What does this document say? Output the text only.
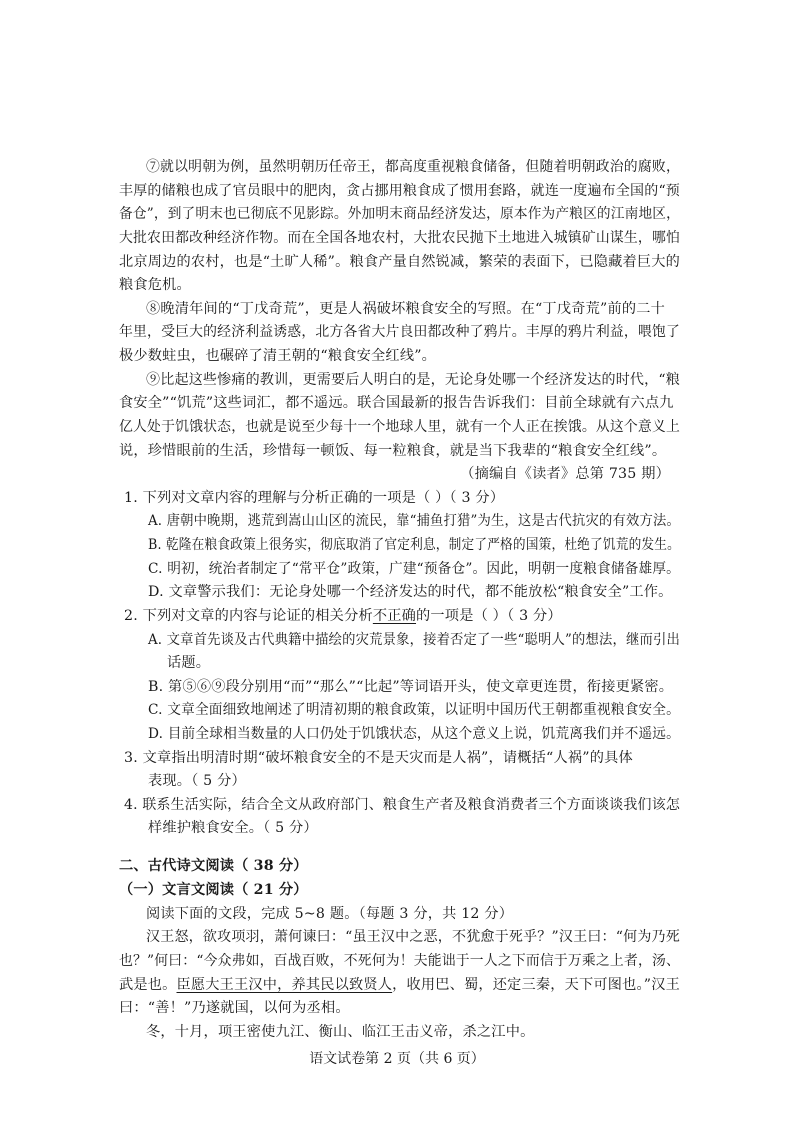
⑦就以明朝为例，虽然明朝历任帝王，都高度重视粮食储备，但随着明朝政治的腐败，
丰厚的储粮也成了官员眼中的肥肉，贪占挪用粮食成了惯用套路，就连一度遍布全国的“预
备仓”，到了明末也已彻底不见影踪。外加明末商品经济发达，原本作为产粮区的江南地区，
大批农田都改种经济作物。而在全国各地农村，大批农民抛下土地进入城镇矿山谋生，哪怕
北京周边的农村，也是“土旷人稀”。粮食产量自然锐减，繁荣的表面下，已隐藏着巨大的
粮食危机。
⑧晚清年间的“丁戊奇荒”，更是人祸破坏粮食安全的写照。在“丁戊奇荒”前的二十
年里，受巨大的经济利益诱惑，北方各省大片良田都改种了鸦片。丰厚的鸦片利益，喂饱了
极少数蛀虫，也碾碎了清王朝的“粮食安全红线”。
⑨比起这些惨痛的教训，更需要后人明白的是，无论身处哪一个经济发达的时代，“粮
食安全”“饥荒”这些词汇，都不遥远。联合国最新的报告告诉我们：目前全球就有六点九
亿人处于饥饿状态，也就是说至少每十一个地球人里，就有一个人正在挨饿。从这个意义上
说，珍惜眼前的生活，珍惜每一顿饭、每一粒粮食，就是当下我辈的“粮食安全红线”。
（摘编自《读者》总第 735 期）
1. 下列对文章内容的理解与分析正确的一项是（ ）（ 3 分）
A. 唐朝中晚期，逃荒到嵩山山区的流民，靠“捕鱼打猎”为生，这是古代抗灾的有效方法。
B. 乾隆在粮食政策上很务实，彻底取消了官定利息，制定了严格的国策，杜绝了饥荒的发生。
C. 明初，统治者制定了“常平仓”政策，广建“预备仓”。因此，明朝一度粮食储备雄厚。
D. 文章警示我们：无论身处哪一个经济发达的时代，都不能放松“粮食安全”工作。
2. 下列对文章的内容与论证的相关分析不正确的一项是（ ）（ 3 分）
A. 文章首先谈及古代典籍中描绘的灾荒景象，接着否定了一些“聪明人”的想法，继而引出
话题。
B. 第⑤⑥⑨段分别用“而”“那么”“比起”等词语开头，使文章更连贯，衔接更紧密。
C. 文章全面细致地阐述了明清初期的粮食政策，以证明中国历代王朝都重视粮食安全。
D. 目前全球相当数量的人口仍处于饥饿状态，从这个意义上说，饥荒离我们并不遥远。
3. 文章指出明清时期“破坏粮食安全的不是天灾而是人祸”，请概括“人祸”的具体
表现。（ 5 分）
4. 联系生活实际，结合全文从政府部门、粮食生产者及粮食消费者三个方面谈谈我们该怎
样维护粮食安全。（ 5 分）
二、古代诗文阅读（ 38 分）
（一）文言文阅读（ 21 分）
阅读下面的文段，完成 5~8 题。（每题 3 分，共 12 分）
汉王怒，欲攻项羽，萧何谏曰：“虽王汉中之恶，不犹愈于死乎？”汉王曰：“何为乃死
也？”何曰：“今众弗如，百战百败，不死何为！夫能诎于一人之下而信于万乘之上者，汤、
武是也。臣愿大王王汉中，养其民以致贤人，收用巴、蜀，还定三秦，天下可图也。”汉王
曰：“善！”乃遂就国，以何为丞相。
冬，十月，项王密使九江、衡山、临江王击义帝，杀之江中。
语文试卷第 2 页（共 6 页）
